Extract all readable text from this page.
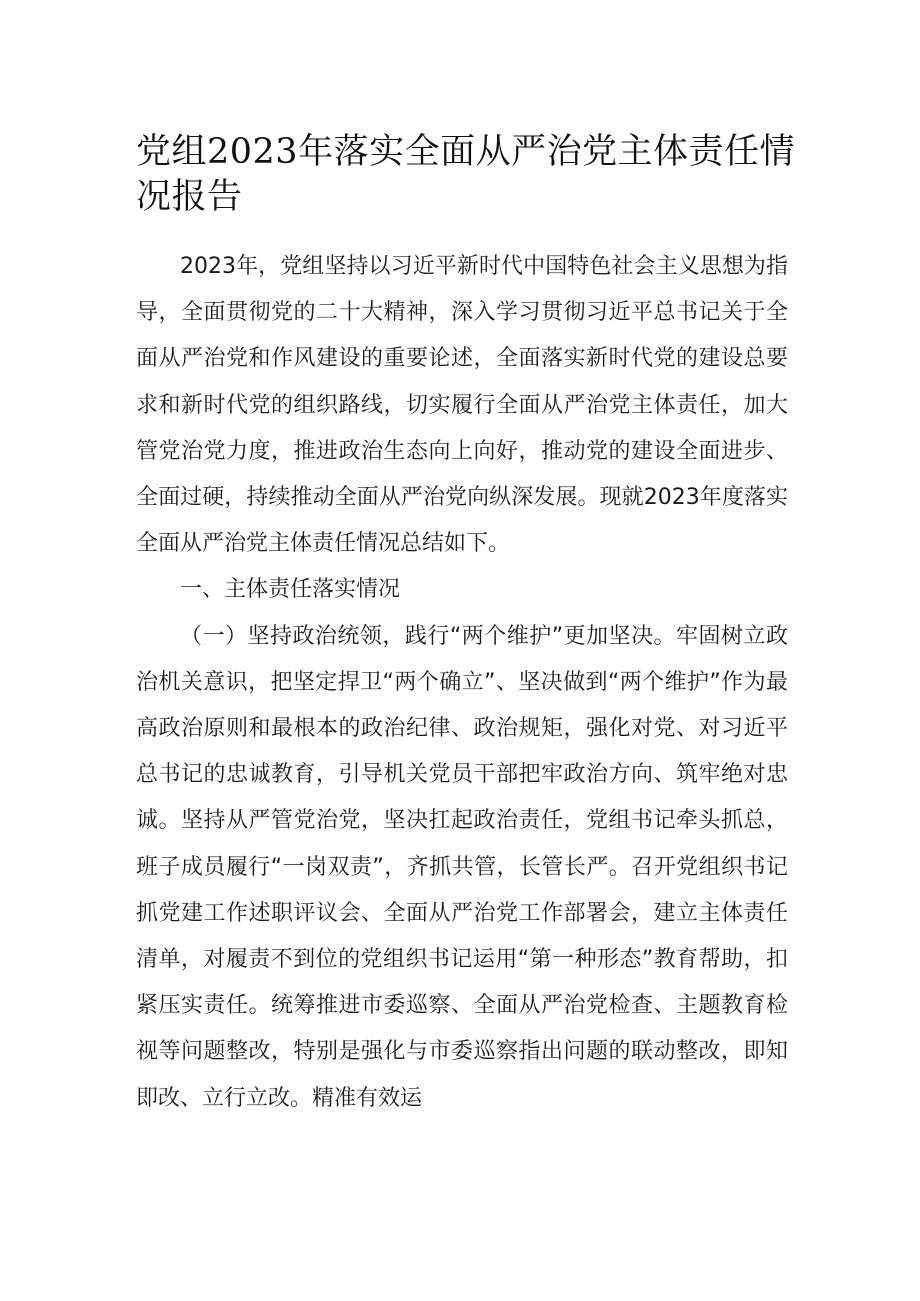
党组2023年落实全面从严治党主体责任情况报告

2023年，党组坚持以习近平新时代中国特色社会主义思想为指导，全面贯彻党的二十大精神，深入学习贯彻习近平总书记关于全面从严治党和作风建设的重要论述，全面落实新时代党的建设总要求和新时代党的组织路线，切实履行全面从严治党主体责任，加大管党治党力度，推进政治生态向上向好，推动党的建设全面进步、全面过硬，持续推动全面从严治党向纵深发展。现就2023年度落实全面从严治党主体责任情况总结如下。

一、主体责任落实情况

（一）坚持政治统领，践行“两个维护”更加坚决。牢固树立政治机关意识，把坚定捍卫“两个确立”、坚决做到“两个维护”作为最高政治原则和最根本的政治纪律、政治规矩，强化对党、对习近平总书记的忠诚教育，引导机关党员干部把牢政治方向、筑牢绝对忠诚。坚持从严管党治党，坚决扛起政治责任，党组书记牵头抓总，班子成员履行“一岗双责”，齐抓共管，长管长严。召开党组织书记抓党建工作述职评议会、全面从严治党工作部署会，建立主体责任清单，对履责不到位的党组织书记运用“第一种形态”教育帮助，扣紧压实责任。统筹推进市委巡察、全面从严治党检查、主题教育检视等问题整改，特别是强化与市委巡察指出问题的联动整改，即知即改、立行立改。精准有效运
